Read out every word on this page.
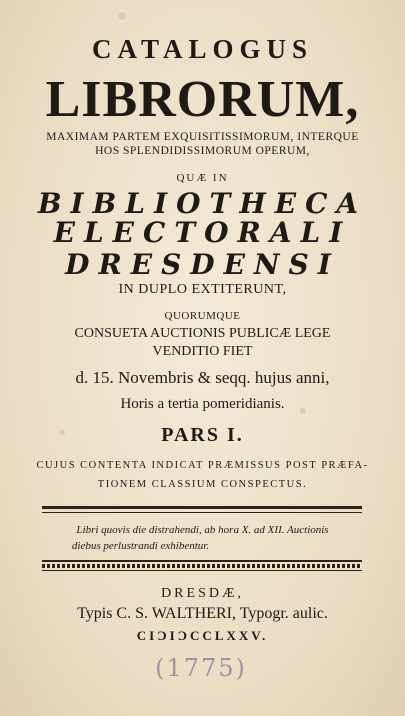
CATALOGUS
LIBRORUM,
MAXIMAM PARTEM EXQUISITISSIMORUM, INTERQUE
HOS SPLENDIDISSIMORUM OPERUM,
QUÆ IN
BIBLIOTHECA
ELECTORALI
DRESDENSI
IN DUPLO EXTITERUNT,
QUORUMQUE
CONSUETA AUCTIONIS PUBLICÆ LEGE
VENDITIO FIET
d. 15. Novembris & seqq. hujus anni,
Horis a tertia pomeridianis.
PARS I.
CUJUS CONTENTA INDICAT PRÆMISSUS POST PRÆFA-
TIONEM CLASSIUM CONSPECTUS.
Libri quovis die distrahendi, ab hora X. ad XII. Auctionis
diebus perlustrandi exhibentur.
DRESDÆ,
Typis C. S. WALTHERI, Typogr. aulic.
CIƆIƆCCLXXV.
(1775)
